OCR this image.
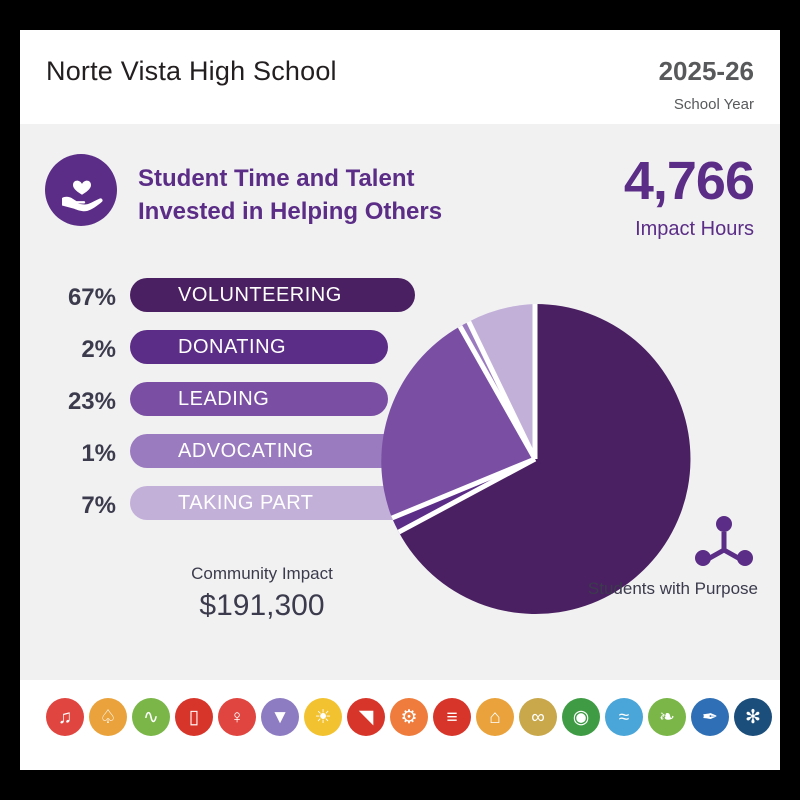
Norte Vista High School	2025-26
School Year
Student Time and Talent Invested in Helping Others
4,766
Impact Hours
67%	VOLUNTEERING
2%	DONATING
23%	LEADING
1%	ADVOCATING
7%	TAKING PART
Community Impact
$191,300
Students with Purpose
♫	♤	∿	▯	♀	▼	☀	◥	⚙	≡	⌂	∞	◉	≈	❧	✒	✻
